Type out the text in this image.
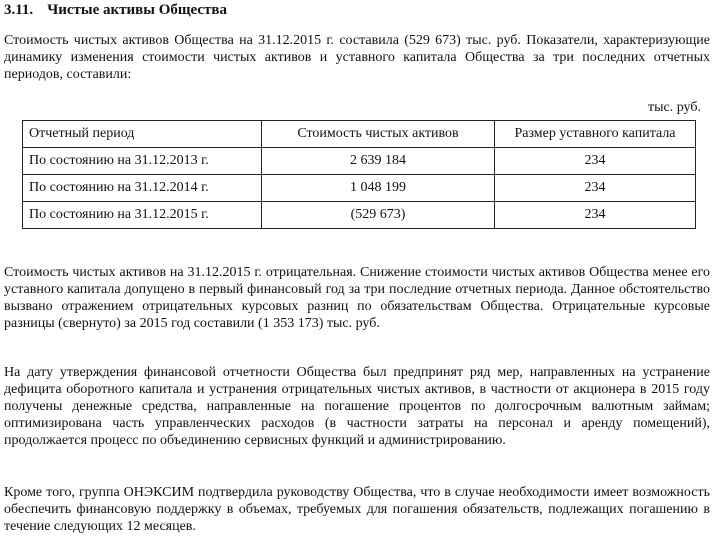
3.11. Чистые активы Общества
Стоимость чистых активов Общества на 31.12.2015 г. составила (529 673) тыс. руб. Показатели, характеризующие динамику изменения стоимости чистых активов и уставного капитала Общества за три последних отчетных периодов, составили:
тыс. руб.
Отчетный период	Стоимость чистых активов	Размер уставного капитала
По состоянию на 31.12.2013 г.	2 639 184	234
По состоянию на 31.12.2014 г.	1 048 199	234
По состоянию на 31.12.2015 г.	(529 673)	234
Стоимость чистых активов на 31.12.2015 г. отрицательная. Снижение стоимости чистых активов Общества менее его уставного капитала допущено в первый финансовый год за три последние отчетных периода. Данное обстоятельство вызвано отражением отрицательных курсовых разниц по обязательствам Общества. Отрицательные курсовые разницы (свернуто) за 2015 год составили (1 353 173) тыс. руб.
На дату утверждения финансовой отчетности Общества был предпринят ряд мер, направленных на устранение дефицита оборотного капитала и устранения отрицательных чистых активов, в частности от акционера в 2015 году получены денежные средства, направленные на погашение процентов по долгосрочным валютным займам; оптимизирована часть управленческих расходов (в частности затраты на персонал и аренду помещений), продолжается процесс по объединению сервисных функций и администрированию.
Кроме того, группа ОНЭКСИМ подтвердила руководству Общества, что в случае необходимости имеет возможность обеспечить финансовую поддержку в объемах, требуемых для погашения обязательств, подлежащих погашению в течение следующих 12 месяцев.
